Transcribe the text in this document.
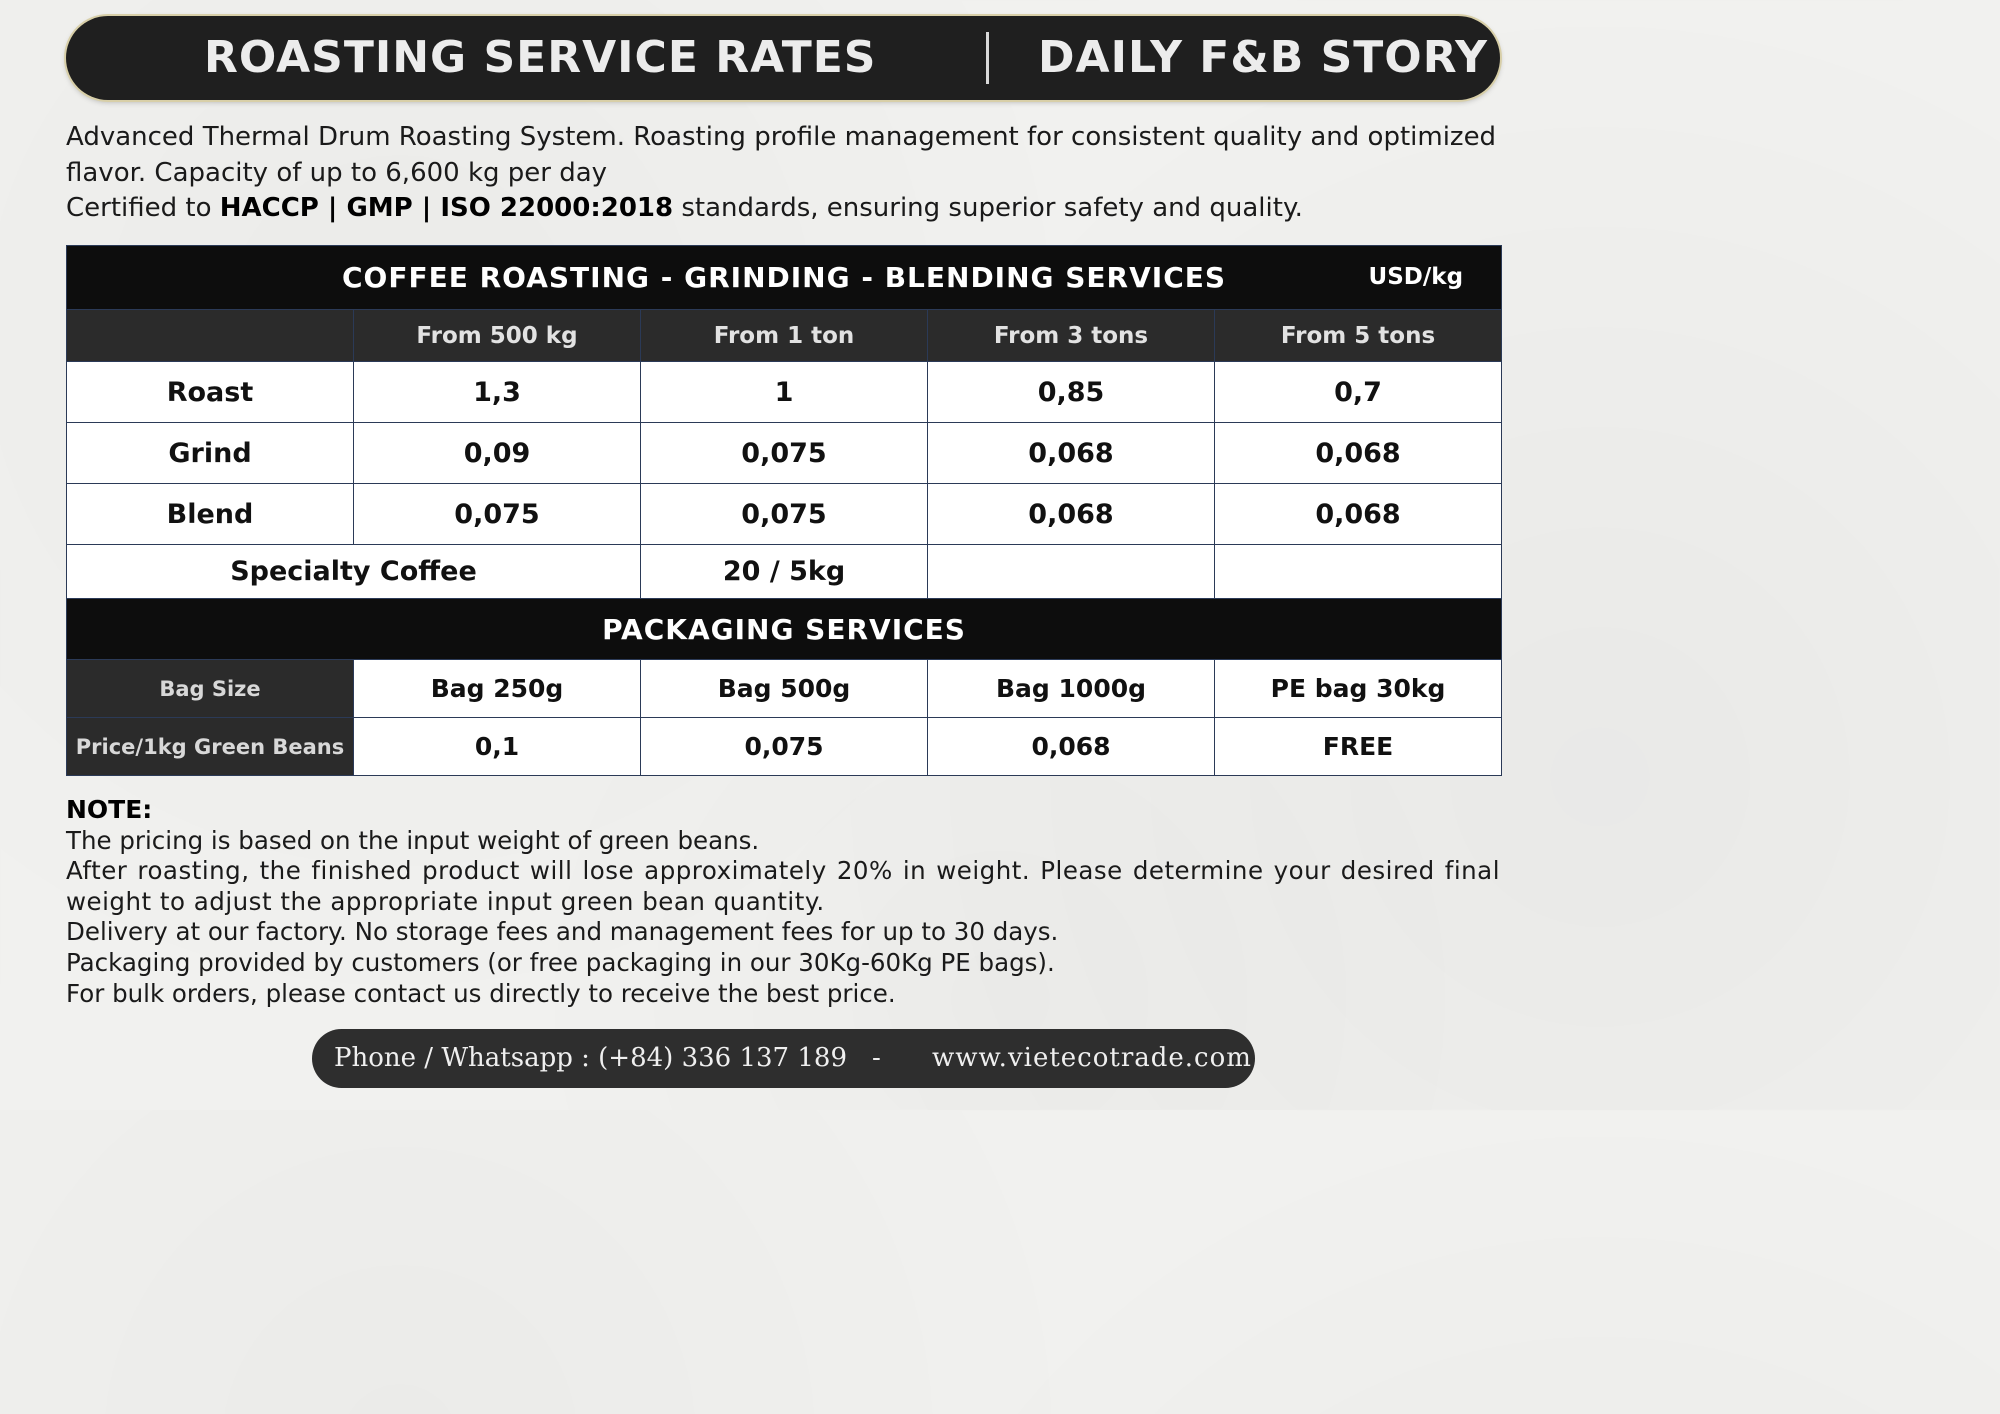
ROASTING SERVICE RATES	DAILY F&B STORY

Advanced Thermal Drum Roasting System. Roasting profile management for consistent quality and optimized flavor. Capacity of up to 6,600 kg per day

Certified to HACCP | GMP | ISO 22000:2018 standards, ensuring superior safety and quality.

COFFEE ROASTING - GRINDING - BLENDING SERVICES USD/kg				

	From 500 kg	From 1 ton	From 3 tons	From 5 tons
Roast	1,3	1	0,85	0,7
Grind	0,09	0,075	0,068	0,068
Blend	0,075	0,075	0,068	0,068
Specialty Coffee		20 / 5kg		
PACKAGING SERVICES				
Bag Size	Bag 250g	Bag 500g	Bag 1000g	PE bag 30kg
Price/1kg Green Beans	0,1	0,075	0,068	FREE
NOTE:

The pricing is based on the input weight of green beans.

After roasting, the finished product will lose approximately 20% in weight. Please determine your desired final weight to adjust the appropriate input green bean quantity.

Delivery at our factory. No storage fees and management fees for up to 30 days.

Packaging provided by customers (or free packaging in our 30Kg-60Kg PE bags).

For bulk orders, please contact us directly to receive the best price.

Phone / Whatsapp : (+84) 336 137 189 - www.vietecotrade.com
